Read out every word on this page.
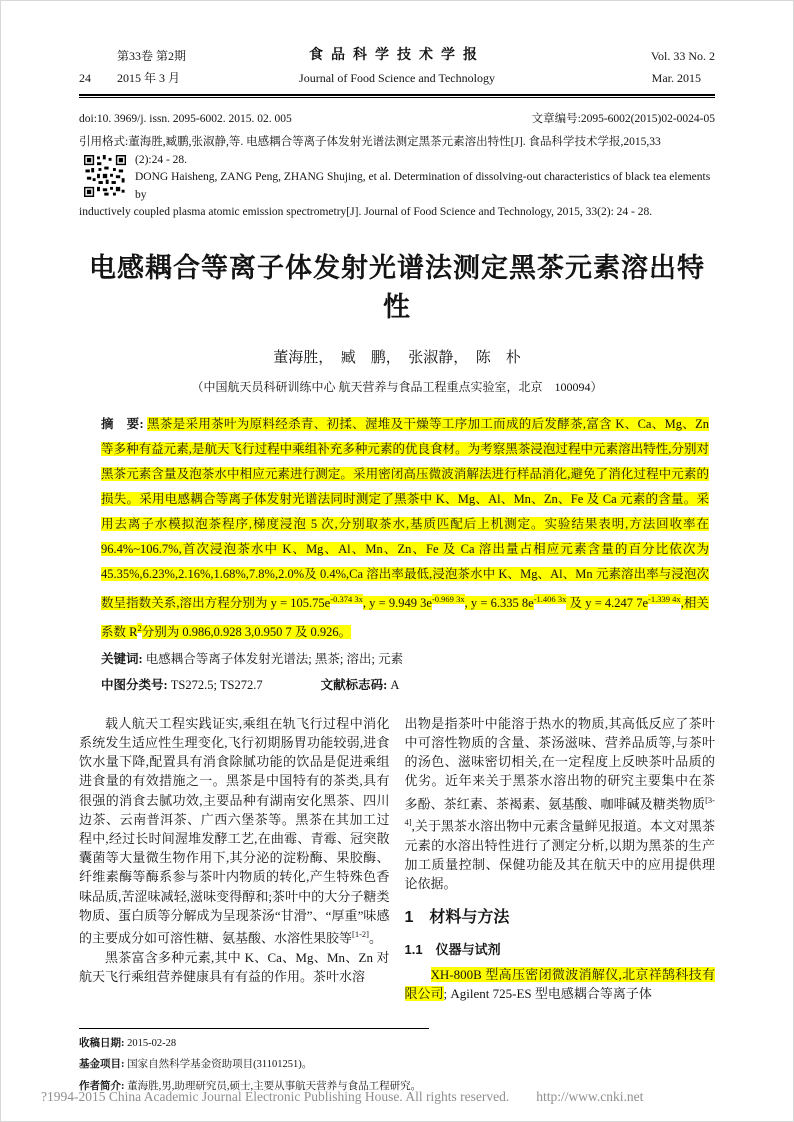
第33卷 第2期
24 2015 年 3 月
食品科学技术学报
Journal of Food Science and Technology
Vol. 33 No. 2
Mar. 2015
doi:10. 3969/j. issn. 2095-6002. 2015. 02. 005	文章编号:2095-6002(2015)02-0024-05
引用格式:董海胜,臧鹏,张淑静,等. 电感耦合等离子体发射光谱法测定黑茶元素溶出特性[J]. 食品科学技术学报,2015,33
(2):24 - 28.
DONG Haisheng, ZANG Peng, ZHANG Shujing, et al. Determination of dissolving-out characteristics of black tea elements by
inductively coupled plasma atomic emission spectrometry[J]. Journal of Food Science and Technology, 2015, 33(2): 24 - 28.
电感耦合等离子体发射光谱法测定黑茶元素溶出特性
董海胜，　臧　鹏，　张淑静，　陈　朴
（中国航天员科研训练中心 航天营养与食品工程重点实验室，北京　100094）
摘　要: 黑茶是采用茶叶为原料经杀青、初揉、渥堆及干燥等工序加工而成的后发酵茶,富含 K、Ca、Mg、Zn 等多种有益元素,是航天飞行过程中乘组补充多种元素的优良食材。为考察黑茶浸泡过程中元素溶出特性,分别对黑茶元素含量及泡茶水中相应元素进行测定。采用密闭高压微波消解法进行样品消化,避免了消化过程中元素的损失。采用电感耦合等离子体发射光谱法同时测定了黑茶中 K、Mg、Al、Mn、Zn、Fe 及 Ca 元素的含量。采用去离子水模拟泡茶程序,梯度浸泡 5 次,分别取茶水,基质匹配后上机测定。实验结果表明,方法回收率在 96.4%~106.7%,首次浸泡茶水中 K、Mg、Al、Mn、Zn、Fe 及 Ca 溶出量占相应元素含量的百分比依次为 45.35%,6.23%,2.16%,1.68%,7.8%,2.0%及 0.4%,Ca 溶出率最低,浸泡茶水中 K、Mg、Al、Mn 元素溶出率与浸泡次数呈指数关系,溶出方程分别为 $y = 105.75e^{-0.374 3x}$, y = 9.949 $3e^{-0.969 3x}$, y = 6.335 $8e^{-1.406 3x}$ 及 y = 4.247 $7e^{-1.339 4x}$,相关系数 $R^2$分别为 0.986,0.928 3,0.950 7 及 0.926。
关键词: 电感耦合等离子体发射光谱法; 黑茶; 溶出; 元素
中图分类号: TS272.5; TS272.7	文献标志码: A

载人航天工程实践证实,乘组在轨飞行过程中消化系统发生适应性生理变化,飞行初期肠胃功能较弱,进食饮水量下降,配置具有消食除腻功能的饮品是促进乘组进食量的有效措施之一。黑茶是中国特有的茶类,具有很强的消食去腻功效,主要品种有湖南安化黑茶、四川边茶、云南普洱茶、广西六堡茶等。黑茶在其加工过程中,经过长时间渥堆发酵工艺,在曲霉、青霉、冠突散囊菌等大量微生物作用下,其分泌的淀粉酶、果胶酶、纤维素酶等酶系参与茶叶内物质的转化,产生特殊色香味品质,苦涩味减轻,滋味变得醇和;茶叶中的大分子糖类物质、蛋白质等分解成为呈现茶汤“甘滑”、“厚重”味感的主要成分如可溶性糖、氨基酸、水溶性果胶等[1-2]。

黑茶富含多种元素,其中 K、Ca、Mg、Mn、Zn 对航天飞行乘组营养健康具有有益的作用。茶叶水溶

出物是指茶叶中能溶于热水的物质,其高低反应了茶叶中可溶性物质的含量、茶汤滋味、营养品质等,与茶叶的汤色、滋味密切相关,在一定程度上反映茶叶品质的优劣。近年来关于黑茶水溶出物的研究主要集中在茶多酚、茶红素、茶褐素、氨基酸、咖啡碱及糖类物质[3-4],关于黑茶水溶出物中元素含量鲜见报道。本文对黑茶元素的水溶出特性进行了测定分析,以期为黑茶的生产加工质量控制、保健功能及其在航天中的应用提供理论依据。

1　材料与方法
1.1　仪器与试剂

XH-800B 型高压密闭微波消解仪,北京祥鹄科技有限公司; Agilent 725-ES 型电感耦合等离子体

收稿日期: 2015-02-28
基金项目: 国家自然科学基金资助项目(31101251)。
作者简介: 董海胜,男,助理研究员,硕士,主要从事航天营养与食品工程研究。
?1994-2015 China Academic Journal Electronic Publishing House. All rights reserved.　　http://www.cnki.net
